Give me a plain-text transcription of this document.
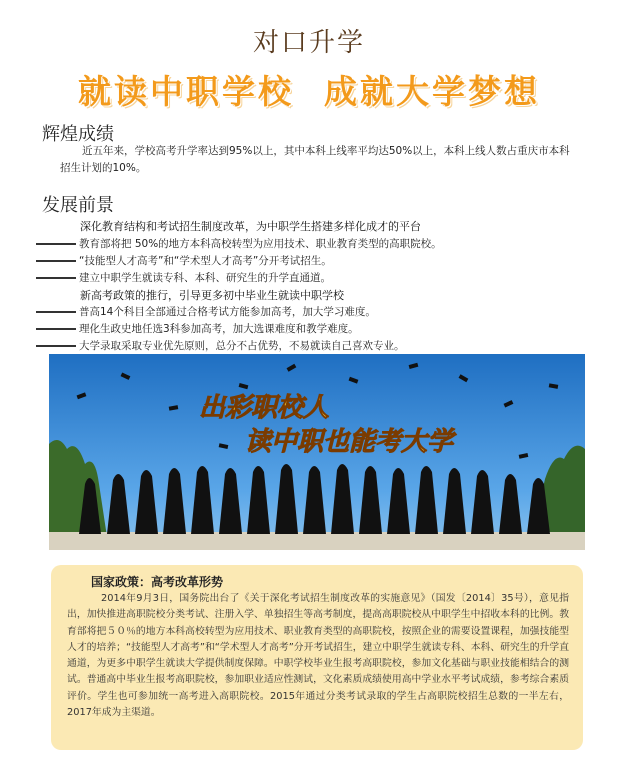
对口升学
就读中职学校 成就大学梦想
辉煌成绩
近五年来，学校高考升学率达到95%以上，其中本科上线率平均达50%以上，本科上线人数占重庆市本科招生计划的10%。
发展前景
深化教育结构和考试招生制度改革，为中职学生搭建多样化成才的平台
教育部将把 50%的地方本科高校转型为应用技术、职业教育类型的高职院校。
“技能型人才高考”和“学术型人才高考”分开考试招生。
建立中职学生就读专科、本科、研究生的升学直通道。
新高考政策的推行，引导更多初中毕业生就读中职学校
普高14个科目全部通过合格考试方能参加高考，加大学习难度。
理化生政史地任选3科参加高考，加大选课难度和教学难度。
大学录取采取专业优先原则，总分不占优势，不易就读自己喜欢专业。
出彩职校人
读中职也能考大学
国家政策：高考改革形势
2014年9月3日，国务院出台了《关于深化考试招生制度改革的实施意见》（国发〔2014〕35号），意见指出，加快推进高职院校分类考试、注册入学、单独招生等高考制度，提高高职院校从中职学生中招收本科的比例。教育部将把５０％的地方本科高校转型为应用技术、职业教育类型的高职院校，按照企业的需要设置课程，加强技能型人才的培养；“技能型人才高考”和“学术型人才高考”分开考试招生，建立中职学生就读专科、本科、研究生的升学直通道，为更多中职学生就读大学提供制度保障。中职学校毕业生报考高职院校，参加文化基础与职业技能相结合的测试。普通高中毕业生报考高职院校，参加职业适应性测试，文化素质成绩使用高中学业水平考试成绩，参考综合素质评价。学生也可参加统一高考进入高职院校。2015年通过分类考试录取的学生占高职院校招生总数的一半左右，2017年成为主渠道。
